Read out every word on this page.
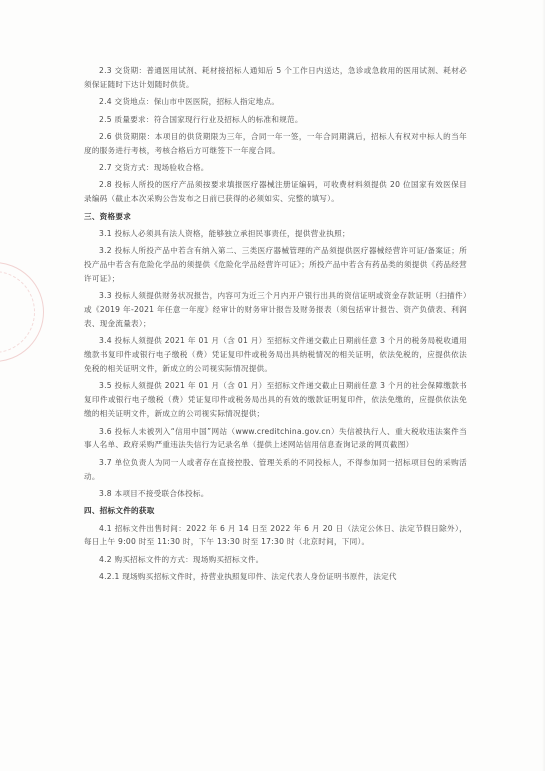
2.3 交货期：普通医用试剂、耗材接招标人通知后 5 个工作日内送达，急诊或急救用的医用试剂、耗材必须保证随时下达计划随时供货。

2.4 交货地点：保山市中医医院，招标人指定地点。

2.5 质量要求：符合国家现行行业及招标人的标准和规范。

2.6 供货期限：本项目的供货期限为三年，合同一年一签，一年合同期满后，招标人有权对中标人的当年度的服务进行考核，考核合格后方可继签下一年度合同。

2.7 交货方式：现场验收合格。

2.8 投标人所投的医疗产品须按要求填报医疗器械注册证编码，可收费材料须提供 20 位国家有效医保目录编码（截止本次采购公告发布之日前已获得的必须如实、完整的填写）。

三、资格要求

3.1 投标人必须具有法人资格，能够独立承担民事责任，提供营业执照；

3.2 投标人所投产品中若含有纳入第二、三类医疗器械管理的产品须提供医疗器械经营许可证/备案证；所投产品中若含有危险化学品的须提供《危险化学品经营许可证》；所投产品中若含有药品类的须提供《药品经营许可证》；

3.3 投标人须提供财务状况报告，内容可为近三个月内开户银行出具的资信证明或资金存款证明（扫描件）或《2019 年-2021 年任意一年度》经审计的财务审计报告及财务报表（须包括审计报告、资产负债表、利润表、现金流量表）；

3.4 投标人须提供 2021 年 01 月（含 01 月）至招标文件递交截止日期前任意 3 个月的税务局税收通用缴款书复印件或银行电子缴税（费）凭证复印件或税务局出具纳税情况的相关证明，依法免税的，应提供依法免税的相关证明文件，新成立的公司视实际情况提供。

3.5 投标人须提供 2021 年 01 月（含 01 月）至招标文件递交截止日期前任意 3 个月的社会保障缴款书复印件或银行电子缴税（费）凭证复印件或税务局出具的有效的缴款证明复印件，依法免缴的，应提供依法免缴的相关证明文件，新成立的公司视实际情况提供；

3.6 投标人未被列入“信用中国”网站（www.creditchina.gov.cn）失信被执行人、重大税收违法案件当事人名单、政府采购严重违法失信行为记录名单（提供上述网站信用信息查询记录的网页截图）

3.7 单位负责人为同一人或者存在直接控股、管理关系的不同投标人，不得参加同一招标项目包的采购活动。

3.8 本项目不接受联合体投标。

四、招标文件的获取

4.1 招标文件出售时间：2022 年 6 月 14 日至 2022 年 6 月 20 日（法定公休日、法定节假日除外），每日上午 9:00 时至 11:30 时，下午 13:30 时至 17:30 时（北京时间，下同）。

4.2 购买招标文件的方式：现场购买招标文件。

4.2.1 现场购买招标文件时，持营业执照复印件、法定代表人身份证明书原件，法定代
